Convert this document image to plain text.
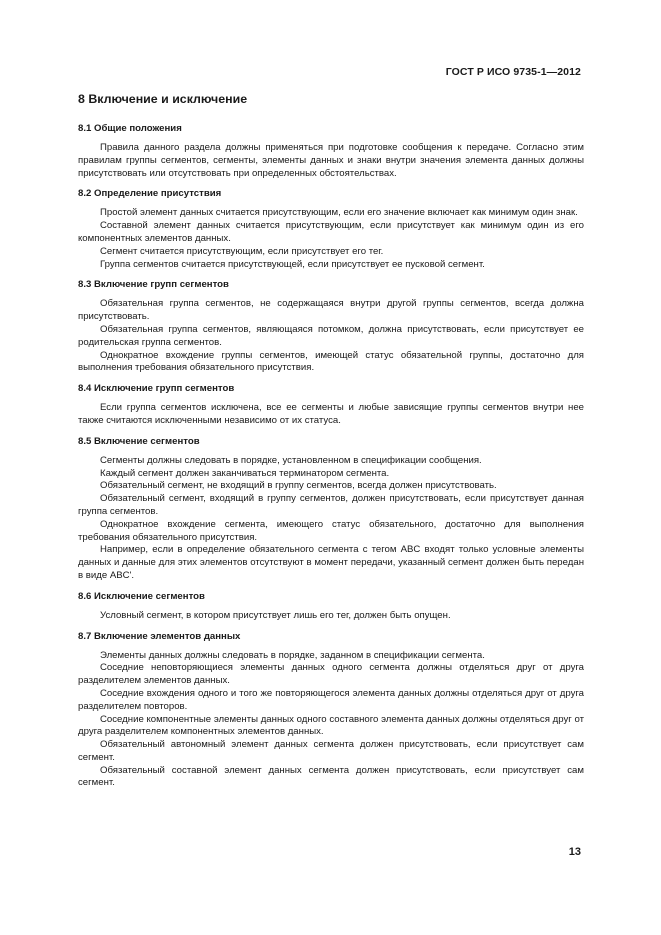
ГОСТ Р ИСО 9735-1—2012
8 Включение и исключение
8.1 Общие положения

Правила данного раздела должны применяться при подготовке сообщения к передаче. Согласно этим правилам группы сегментов, сегменты, элементы данных и знаки внутри значения элемента данных должны присутствовать или отсутствовать при определенных обстоятельствах.

8.2 Определение присутствия

Простой элемент данных считается присутствующим, если его значение включает как минимум один знак.

Составной элемент данных считается присутствующим, если присутствует как минимум один из его компонентных элементов данных.

Сегмент считается присутствующим, если присутствует его тег.

Группа сегментов считается присутствующей, если присутствует ее пусковой сегмент.

8.3 Включение групп сегментов

Обязательная группа сегментов, не содержащаяся внутри другой группы сегментов, всегда должна присутствовать.

Обязательная группа сегментов, являющаяся потомком, должна присутствовать, если присутствует ее родительская группа сегментов.

Однократное вхождение группы сегментов, имеющей статус обязательной группы, достаточно для выполнения требования обязательного присутствия.

8.4 Исключение групп сегментов

Если группа сегментов исключена, все ее сегменты и любые зависящие группы сегментов внутри нее также считаются исключенными независимо от их статуса.

8.5 Включение сегментов

Сегменты должны следовать в порядке, установленном в спецификации сообщения.

Каждый сегмент должен заканчиваться терминатором сегмента.

Обязательный сегмент, не входящий в группу сегментов, всегда должен присутствовать.

Обязательный сегмент, входящий в группу сегментов, должен присутствовать, если присутствует данная группа сегментов.

Однократное вхождение сегмента, имеющего статус обязательного, достаточно для выполнения требования обязательного присутствия.

Например, если в определение обязательного сегмента с тегом ABC входят только условные элементы данных и данные для этих элементов отсутствуют в момент передачи, указанный сегмент должен быть передан в виде ABC'.

8.6 Исключение сегментов

Условный сегмент, в котором присутствует лишь его тег, должен быть опущен.

8.7 Включение элементов данных

Элементы данных должны следовать в порядке, заданном в спецификации сегмента.

Соседние неповторяющиеся элементы данных одного сегмента должны отделяться друг от друга разделителем элементов данных.

Соседние вхождения одного и того же повторяющегося элемента данных должны отделяться друг от друга разделителем повторов.

Соседние компонентные элементы данных одного составного элемента данных должны отделяться друг от друга разделителем компонентных элементов данных.

Обязательный автономный элемент данных сегмента должен присутствовать, если присутствует сам сегмент.

Обязательный составной элемент данных сегмента должен присутствовать, если присутствует сам сегмент.

13
